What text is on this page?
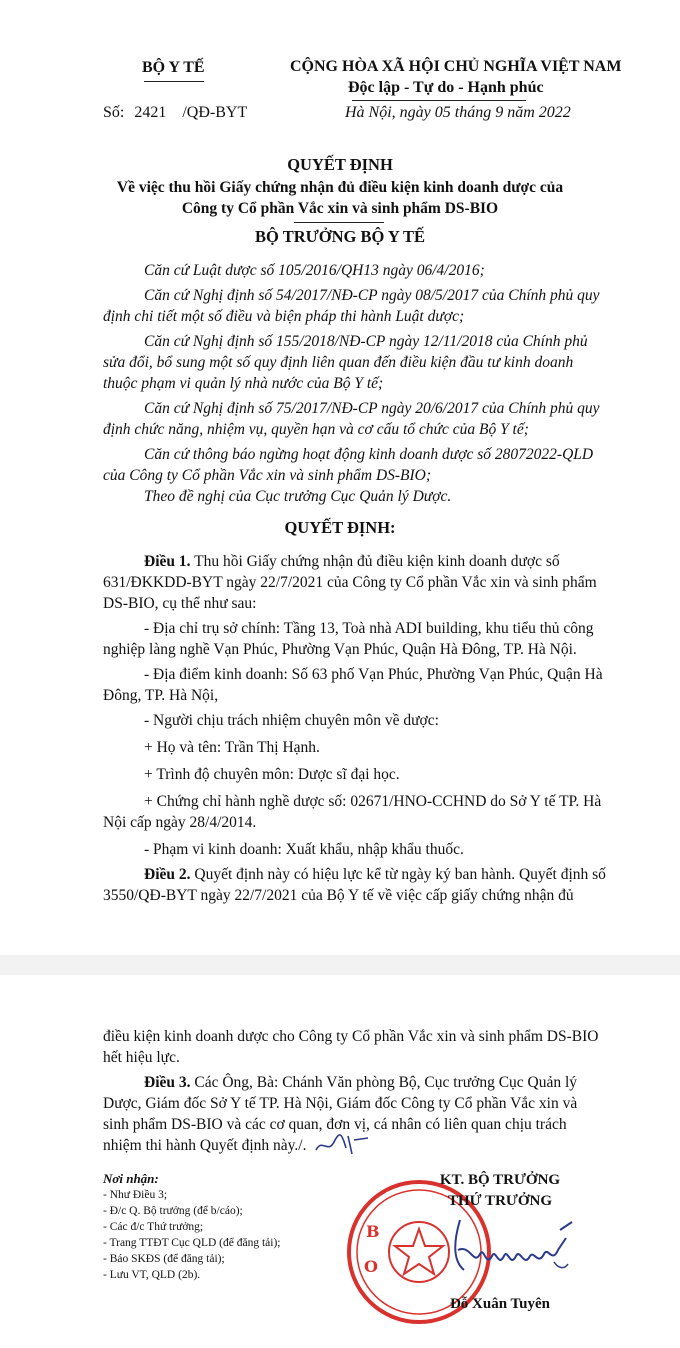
BỘ Y TẾ
Số: 2421 /QĐ-BYT
CỘNG HÒA XÃ HỘI CHỦ NGHĨA VIỆT NAM
Độc lập - Tự do - Hạnh phúc
Hà Nội, ngày 05 tháng 9 năm 2022
QUYẾT ĐỊNH
Về việc thu hồi Giấy chứng nhận đủ điều kiện kinh doanh dược của
Công ty Cổ phần Vắc xin và sinh phẩm DS-BIO
BỘ TRƯỞNG BỘ Y TẾ
Căn cứ Luật dược số 105/2016/QH13 ngày 06/4/2016;
Căn cứ Nghị định số 54/2017/NĐ-CP ngày 08/5/2017 của Chính phủ quy
định chi tiết một số điều và biện pháp thi hành Luật dược;
Căn cứ Nghị định số 155/2018/NĐ-CP ngày 12/11/2018 của Chính phủ
sửa đổi, bổ sung một số quy định liên quan đến điều kiện đầu tư kinh doanh
thuộc phạm vi quản lý nhà nước của Bộ Y tế;
Căn cứ Nghị định số 75/2017/NĐ-CP ngày 20/6/2017 của Chính phủ quy
định chức năng, nhiệm vụ, quyền hạn và cơ cấu tổ chức của Bộ Y tế;
Căn cứ thông báo ngừng hoạt động kinh doanh dược số 28072022-QLD
của Công ty Cổ phần Vắc xin và sinh phẩm DS-BIO;
Theo đề nghị của Cục trưởng Cục Quản lý Dược.
QUYẾT ĐỊNH:
Điều 1. Thu hồi Giấy chứng nhận đủ điều kiện kinh doanh dược số
631/ĐKKDD-BYT ngày 22/7/2021 của Công ty Cổ phần Vắc xin và sinh phẩm
DS-BIO, cụ thể như sau:
- Địa chỉ trụ sở chính: Tầng 13, Toà nhà ADI building, khu tiểu thủ công
nghiệp làng nghề Vạn Phúc, Phường Vạn Phúc, Quận Hà Đông, TP. Hà Nội.
- Địa điểm kinh doanh: Số 63 phố Vạn Phúc, Phường Vạn Phúc, Quận Hà
Đông, TP. Hà Nội,
- Người chịu trách nhiệm chuyên môn về dược:
+ Họ và tên: Trần Thị Hạnh.
+ Trình độ chuyên môn: Dược sĩ đại học.
+ Chứng chỉ hành nghề dược số: 02671/HNO-CCHND do Sở Y tế TP. Hà
Nội cấp ngày 28/4/2014.
- Phạm vi kinh doanh: Xuất khẩu, nhập khẩu thuốc.
Điều 2. Quyết định này có hiệu lực kể từ ngày ký ban hành. Quyết định số
3550/QĐ-BYT ngày 22/7/2021 của Bộ Y tế về việc cấp giấy chứng nhận đủ
điều kiện kinh doanh dược cho Công ty Cổ phần Vắc xin và sinh phẩm DS-BIO
hết hiệu lực.
Điều 3. Các Ông, Bà: Chánh Văn phòng Bộ, Cục trưởng Cục Quản lý
Dược, Giám đốc Sở Y tế TP. Hà Nội, Giám đốc Công ty Cổ phần Vắc xin và
sinh phẩm DS-BIO và các cơ quan, đơn vị, cá nhân có liên quan chịu trách
nhiệm thi hành Quyết định này./.
Nơi nhận:
- Như Điều 3;
- Đ/c Q. Bộ trưởng (để b/cáo);
- Các đ/c Thứ trưởng;
- Trang TTĐT Cục QLD (để đăng tải);
- Báo SKĐS (để đăng tải);
- Lưu VT, QLD (2b).
B
O
KT. BỘ TRƯỞNG
THỨ TRƯỞNG
Đỗ Xuân Tuyên
